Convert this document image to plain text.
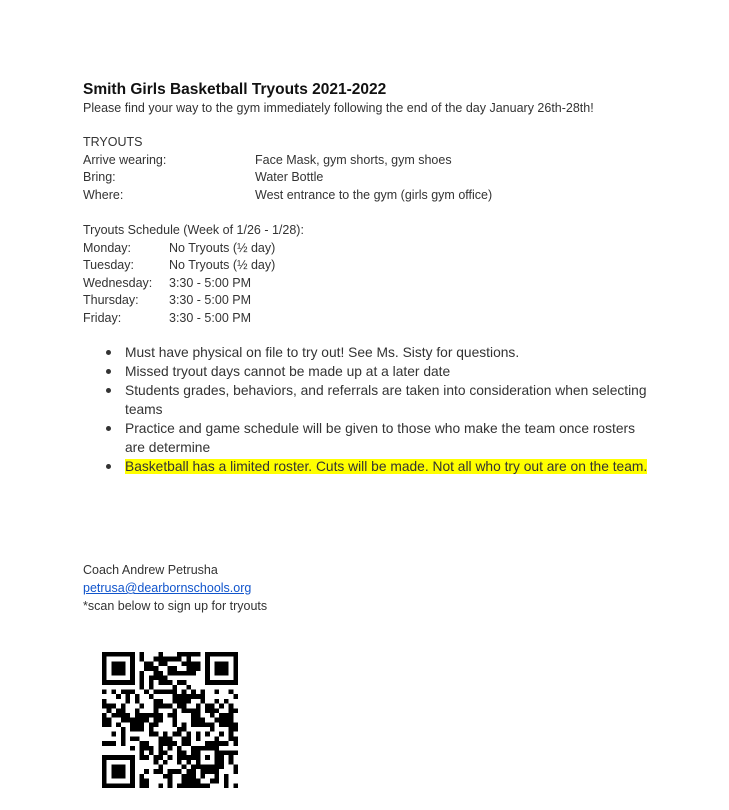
Smith Girls Basketball Tryouts 2021-2022

Please find your way to the gym immediately following the end of the day January 26th-28th!

TRYOUTS

Arrive wearing:	Face Mask, gym shorts, gym shoes
Bring:	Water Bottle
Where:	West entrance to the gym (girls gym office)

Tryouts Schedule (Week of 1/26 - 1/28):

Monday:	No Tryouts (½ day)
Tuesday:	No Tryouts (½ day)
Wednesday:	3:30 - 5:00 PM
Thursday:	3:30 - 5:00 PM
Friday:	3:30 - 5:00 PM
Must have physical on file to try out! See Ms. Sisty for questions.
Missed tryout days cannot be made up at a later date
Students grades, behaviors, and referrals are taken into consideration when selecting teams
Practice and game schedule will be given to those who make the team once rosters are determine
Basketball has a limited roster. Cuts will be made. Not all who try out are on the team.
Coach Andrew Petrusha
petrusa@dearbornschools.org
*scan below to sign up for tryouts
